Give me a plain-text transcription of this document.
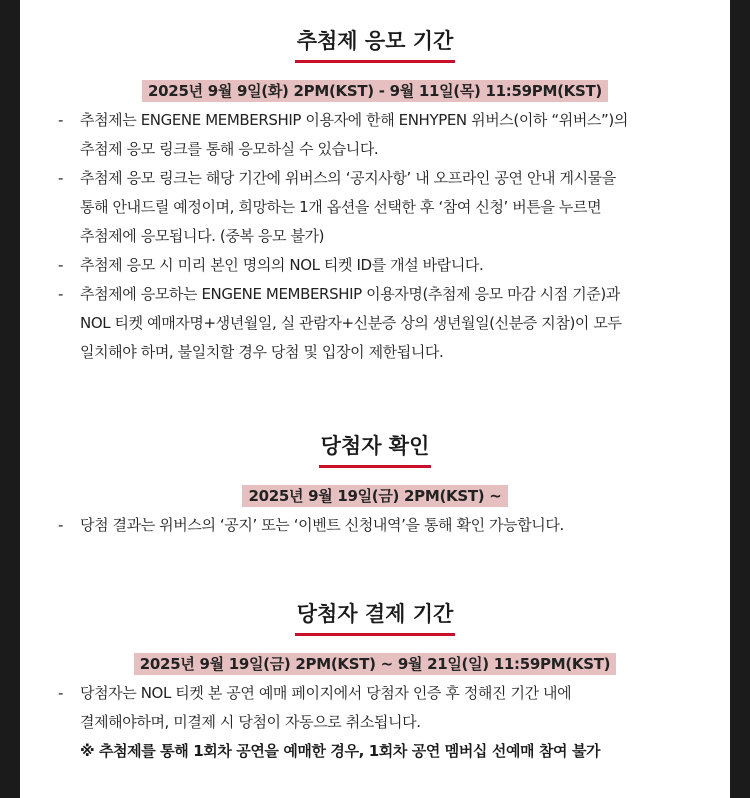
추첨제 응모 기간
2025년 9월 9일(화) 2PM(KST) - 9월 11일(목) 11:59PM(KST)
- 추첨제는 ENGENE MEMBERSHIP 이용자에 한해 ENHYPEN 위버스(이하 “위버스”)의
추첨제 응모 링크를 통해 응모하실 수 있습니다.
- 추첨제 응모 링크는 해당 기간에 위버스의 ‘공지사항’ 내 오프라인 공연 안내 게시물을
통해 안내드릴 예정이며, 희망하는 1개 옵션을 선택한 후 ‘참여 신청’ 버튼을 누르면
추첨제에 응모됩니다. (중복 응모 불가)
- 추첨제 응모 시 미리 본인 명의의 NOL 티켓 ID를 개설 바랍니다.
- 추첨제에 응모하는 ENGENE MEMBERSHIP 이용자명(추첨제 응모 마감 시점 기준)과
NOL 티켓 예매자명+생년월일, 실 관람자+신분증 상의 생년월일(신분증 지참)이 모두
일치해야 하며, 불일치할 경우 당첨 및 입장이 제한됩니다.
당첨자 확인
2025년 9월 19일(금) 2PM(KST) ~
- 당첨 결과는 위버스의 ‘공지’ 또는 ‘이벤트 신청내역’을 통해 확인 가능합니다.
당첨자 결제 기간
2025년 9월 19일(금) 2PM(KST) ~ 9월 21일(일) 11:59PM(KST)
- 당첨자는 NOL 티켓 본 공연 예매 페이지에서 당첨자 인증 후 정해진 기간 내에
결제해야하며, 미결제 시 당첨이 자동으로 취소됩니다.
※ 추첨제를 통해 1회차 공연을 예매한 경우, 1회차 공연 멤버십 선예매 참여 불가
